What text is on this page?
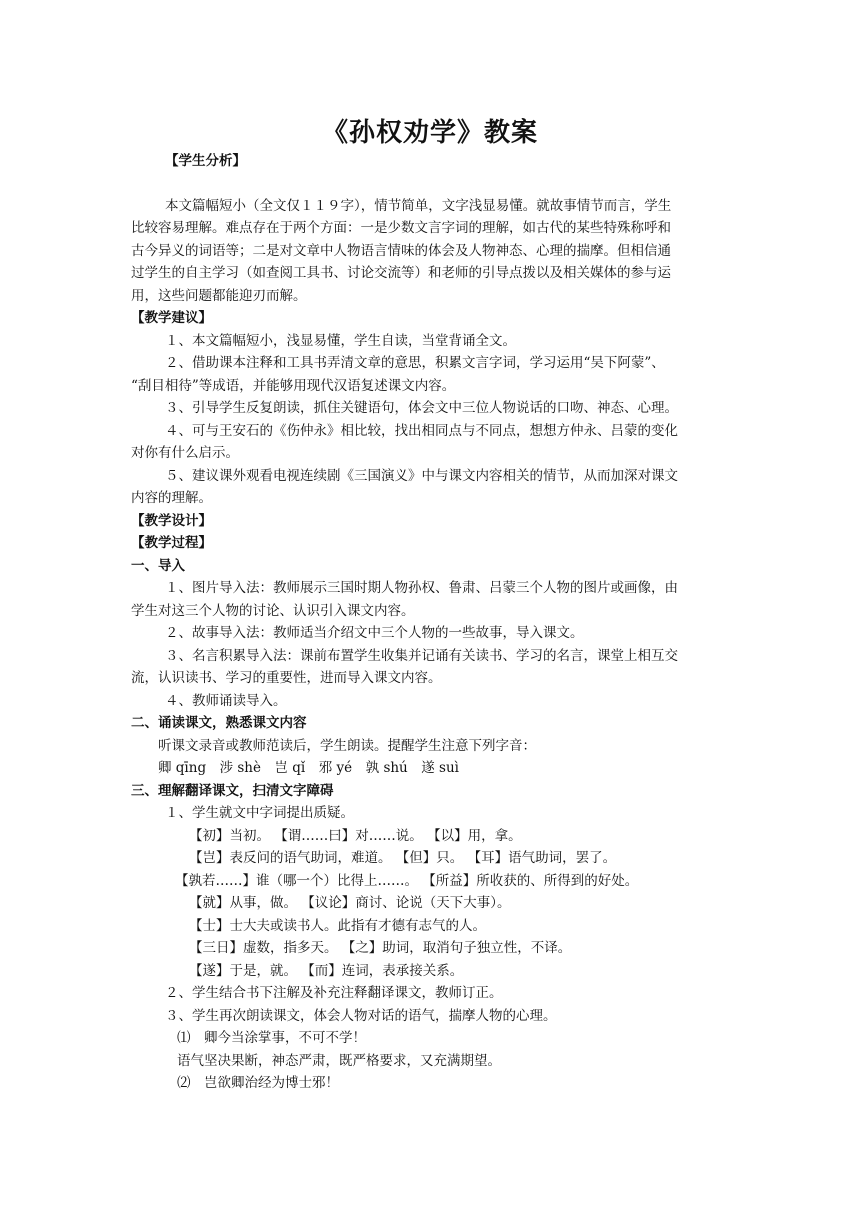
《孙权劝学》教案
【学生分析】
本文篇幅短小（全文仅１１９字），情节简单，文字浅显易懂。就故事情节而言，学生
比较容易理解。难点存在于两个方面：一是少数文言字词的理解，如古代的某些特殊称呼和
古今异义的词语等；二是对文章中人物语言情味的体会及人物神态、心理的揣摩。但相信通
过学生的自主学习（如查阅工具书、讨论交流等）和老师的引导点拨以及相关媒体的参与运
用，这些问题都能迎刃而解。
【教学建议】
１、本文篇幅短小，浅显易懂，学生自读，当堂背诵全文。
２、借助课本注释和工具书弄清文章的意思，积累文言字词，学习运用“吴下阿蒙”、
“刮目相待”等成语，并能够用现代汉语复述课文内容。
３、引导学生反复朗读，抓住关键语句，体会文中三位人物说话的口吻、神态、心理。
４、可与王安石的《伤仲永》相比较，找出相同点与不同点，想想方仲永、吕蒙的变化
对你有什么启示。
５、建议课外观看电视连续剧《三国演义》中与课文内容相关的情节，从而加深对课文
内容的理解。
【教学设计】
【教学过程】
一、导入
１、图片导入法：教师展示三国时期人物孙权、鲁肃、吕蒙三个人物的图片或画像，由
学生对这三个人物的讨论、认识引入课文内容。
２、故事导入法：教师适当介绍文中三个人物的一些故事，导入课文。
３、名言积累导入法：课前布置学生收集并记诵有关读书、学习的名言，课堂上相互交
流，认识读书、学习的重要性，进而导入课文内容。
４、教师诵读导入。
二、诵读课文，熟悉课文内容
听课文录音或教师范读后，学生朗读。提醒学生注意下列字音：
卿 qīng　涉 shè　岂 qǐ　邪 yé　孰 shú　遂 suì
三、理解翻译课文，扫清文字障碍
１、学生就文中字词提出质疑。
【初】当初。 【谓……曰】对……说。 【以】用，拿。
【岂】表反问的语气助词，难道。 【但】只。 【耳】语气助词，罢了。
【孰若……】谁（哪一个）比得上……。 【所益】所收获的、所得到的好处。
【就】从事，做。 【议论】商讨、论说（天下大事）。
【士】士大夫或读书人。此指有才德有志气的人。
【三日】虚数，指多天。 【之】助词，取消句子独立性，不译。
【遂】于是，就。 【而】连词，表承接关系。
２、学生结合书下注解及补充注释翻译课文，教师订正。
３、学生再次朗读课文，体会人物对话的语气，揣摩人物的心理。
⑴　卿今当涂掌事，不可不学！
语气坚决果断，神态严肃，既严格要求，又充满期望。
⑵　岂欲卿治经为博士邪！
